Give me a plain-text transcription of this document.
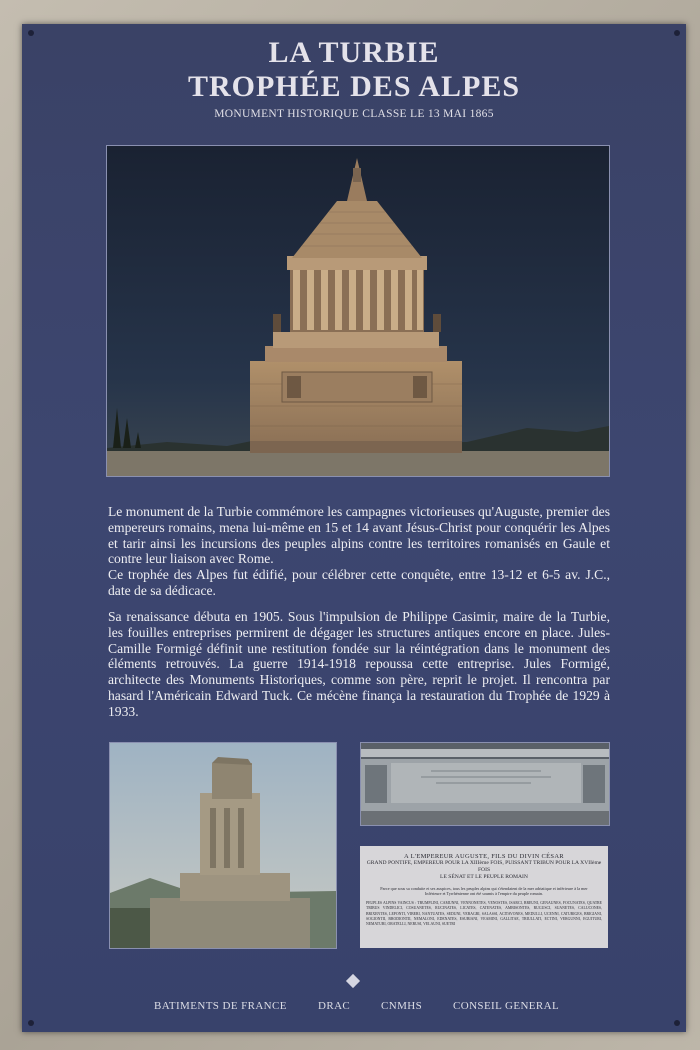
LA TURBIE
TROPHÉE DES ALPES
MONUMENT HISTORIQUE CLASSE LE 13 MAI 1865
Le monument de la Turbie commémore les campagnes victorieuses qu'Auguste, premier des empereurs romains, mena lui-même en 15 et 14 avant Jésus-Christ pour conquérir les Alpes et tarir ainsi les incursions des peuples alpins contre les territoires romanisés en Gaule et contre leur liaison avec Rome.
Ce trophée des Alpes fut édifié, pour célébrer cette conquête, entre 13-12 et 6-5 av. J.C., date de sa dédicace.
Sa renaissance débuta en 1905. Sous l'impulsion de Philippe Casimir, maire de la Turbie, les fouilles entreprises permirent de dégager les structures antiques encore en place. Jules-Camille Formigé définit une restitution fondée sur la réintégration dans le monument des éléments retrouvés. La guerre 1914-1918 repoussa cette entreprise. Jules Formigé, architecte des Monuments Historiques, comme son père, reprit le projet. Il rencontra par hasard l'Américain Edward Tuck. Ce mécène finança la restauration du Trophée de 1929 à 1933.
A L'EMPEREUR AUGUSTE, FILS DU DIVIN CÉSAR
GRAND PONTIFE, EMPEREUR POUR LA XIIIème FOIS, PUISSANT TRIBUN POUR LA XVIIème FOIS
LE SÉNAT ET LE PEUPLE ROMAIN
Parce que sous sa conduite et ses auspices, tous les peuples alpins qui s'étendaient de la mer adriatique et inférieure à la mer Inférieure et Tyrrhénienne ont été soumis à l'empire du peuple romain.
PEUPLES ALPINS VAINCUS : TRUMPLINI, CAMUNNI, VENNONETES, VENOSTES, ISARCI, BREUNI, GENAUNES, FOCUNATES, QUATRE TRIBUS VINDELICI, COSUANETES, RUCINATES, LICATES, CATENATES, AMBISONTES, RUGUSCI, SUANETES, CALUCONES, BRIXENTES, LEPONTI, VIBERI, NANTUATES, SEDUNI, VERAGRI, SALASSI, ACITAVONES, MEDULLI, UCENNI, CATURIGES, BRIGIANI, SOGIONTII, BRODIONTII, NEMALONI, EDENATES, ESUBIANI, VEAMINI, GALLITAE, TRIULLATI, ECTINI, VERGUNNI, EGUITURI, NEMATURI, ORATELLI, NERUSI, VELAUNI, SUETRI
BATIMENTS DE FRANCE	DRAC	CNMHS	CONSEIL GENERAL
